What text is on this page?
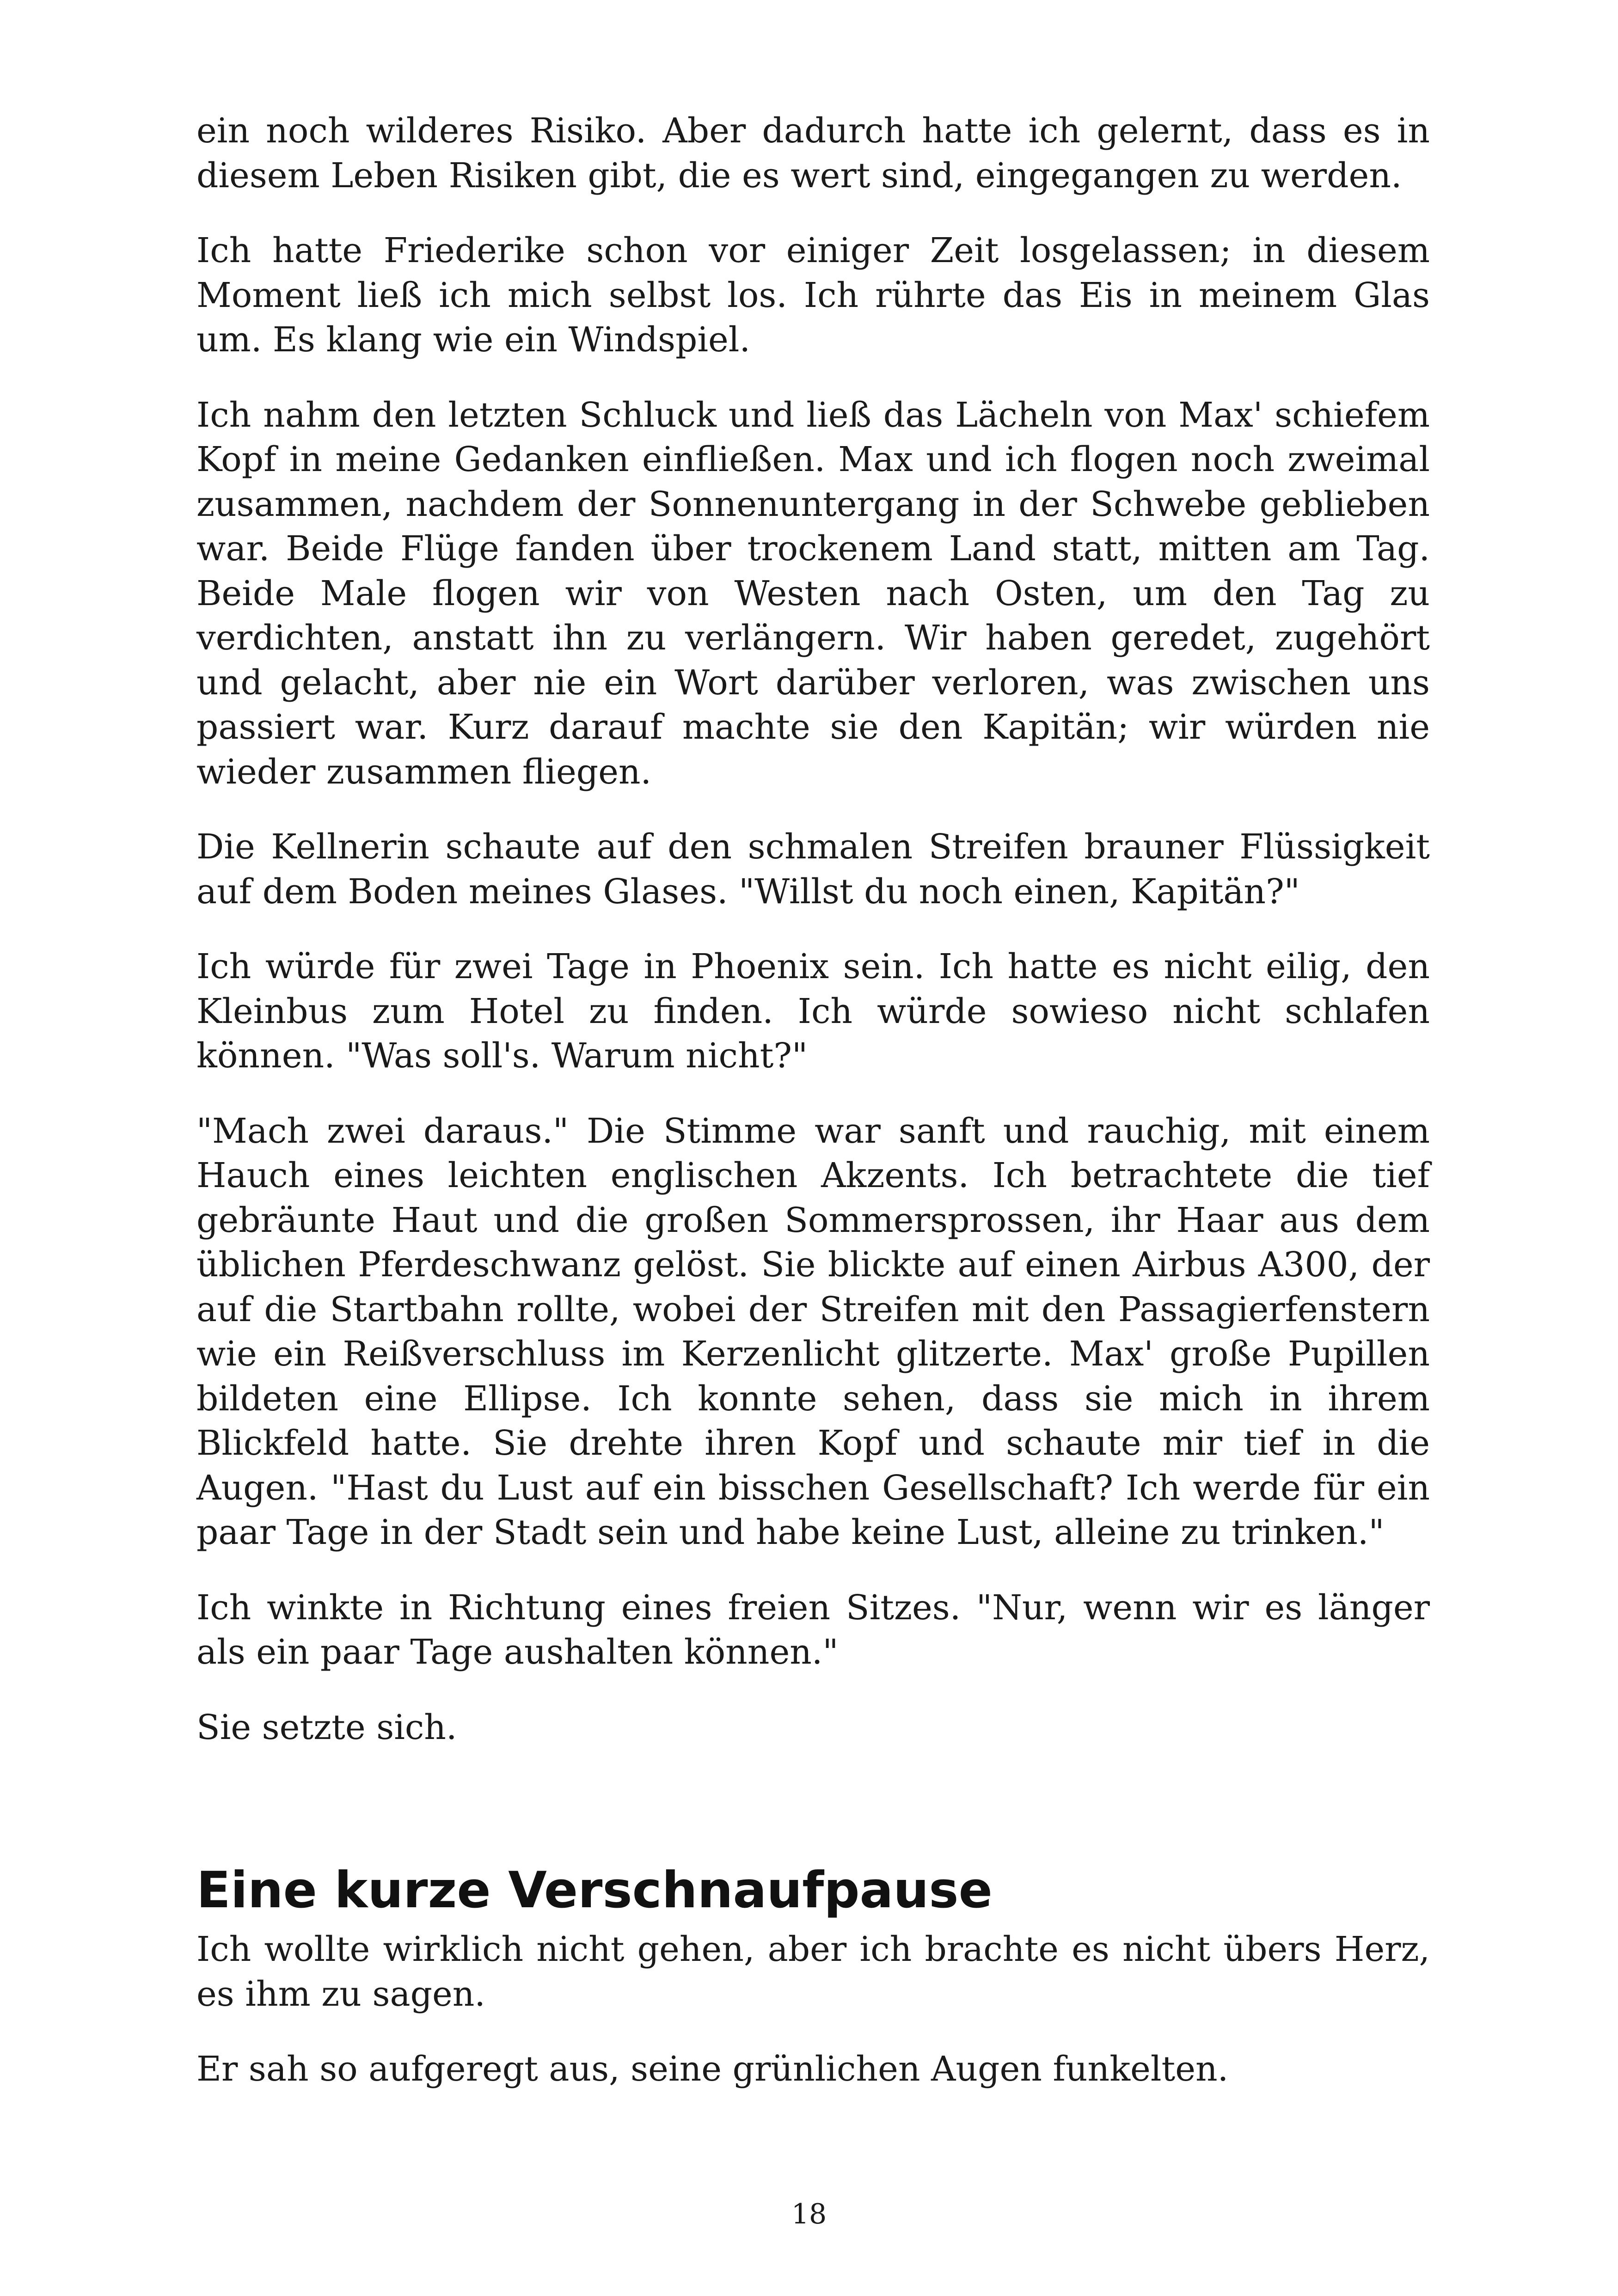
ein noch wilderes Risiko. Aber dadurch hatte ich gelernt, dass es in diesem Leben Risiken gibt, die es wert sind, eingegangen zu werden.

Ich hatte Friederike schon vor einiger Zeit losgelassen; in diesem Moment ließ ich mich selbst los. Ich rührte das Eis in meinem Glas um. Es klang wie ein Windspiel.

Ich nahm den letzten Schluck und ließ das Lächeln von Max' schiefem Kopf in meine Gedanken einfließen. Max und ich flogen noch zweimal zusammen, nachdem der Sonnenuntergang in der Schwebe geblieben war. Beide Flüge fanden über trockenem Land statt, mitten am Tag. Beide Male flogen wir von Westen nach Osten, um den Tag zu verdichten, anstatt ihn zu verlängern. Wir haben geredet, zugehört und gelacht, aber nie ein Wort darüber verloren, was zwischen uns passiert war. Kurz darauf machte sie den Kapitän; wir würden nie wieder zusammen fliegen.

Die Kellnerin schaute auf den schmalen Streifen brauner Flüssigkeit auf dem Boden meines Glases. "Willst du noch einen, Kapitän?"

Ich würde für zwei Tage in Phoenix sein. Ich hatte es nicht eilig, den Kleinbus zum Hotel zu finden. Ich würde sowieso nicht schlafen können. "Was soll's. Warum nicht?"

"Mach zwei daraus." Die Stimme war sanft und rauchig, mit einem Hauch eines leichten englischen Akzents. Ich betrachtete die tief gebräunte Haut und die großen Sommersprossen, ihr Haar aus dem üblichen Pferdeschwanz gelöst. Sie blickte auf einen Airbus A300, der auf die Startbahn rollte, wobei der Streifen mit den Passagierfenstern wie ein Reißverschluss im Kerzenlicht glitzerte. Max' große Pupillen bildeten eine Ellipse. Ich konnte sehen, dass sie mich in ihrem Blickfeld hatte. Sie drehte ihren Kopf und schaute mir tief in die Augen. "Hast du Lust auf ein bisschen Gesellschaft? Ich werde für ein paar Tage in der Stadt sein und habe keine Lust, alleine zu trinken."

Ich winkte in Richtung eines freien Sitzes. "Nur, wenn wir es länger als ein paar Tage aushalten können."

Sie setzte sich.

Eine kurze Verschnaufpause

Ich wollte wirklich nicht gehen, aber ich brachte es nicht übers Herz, es ihm zu sagen.

Er sah so aufgeregt aus, seine grünlichen Augen funkelten.

18
